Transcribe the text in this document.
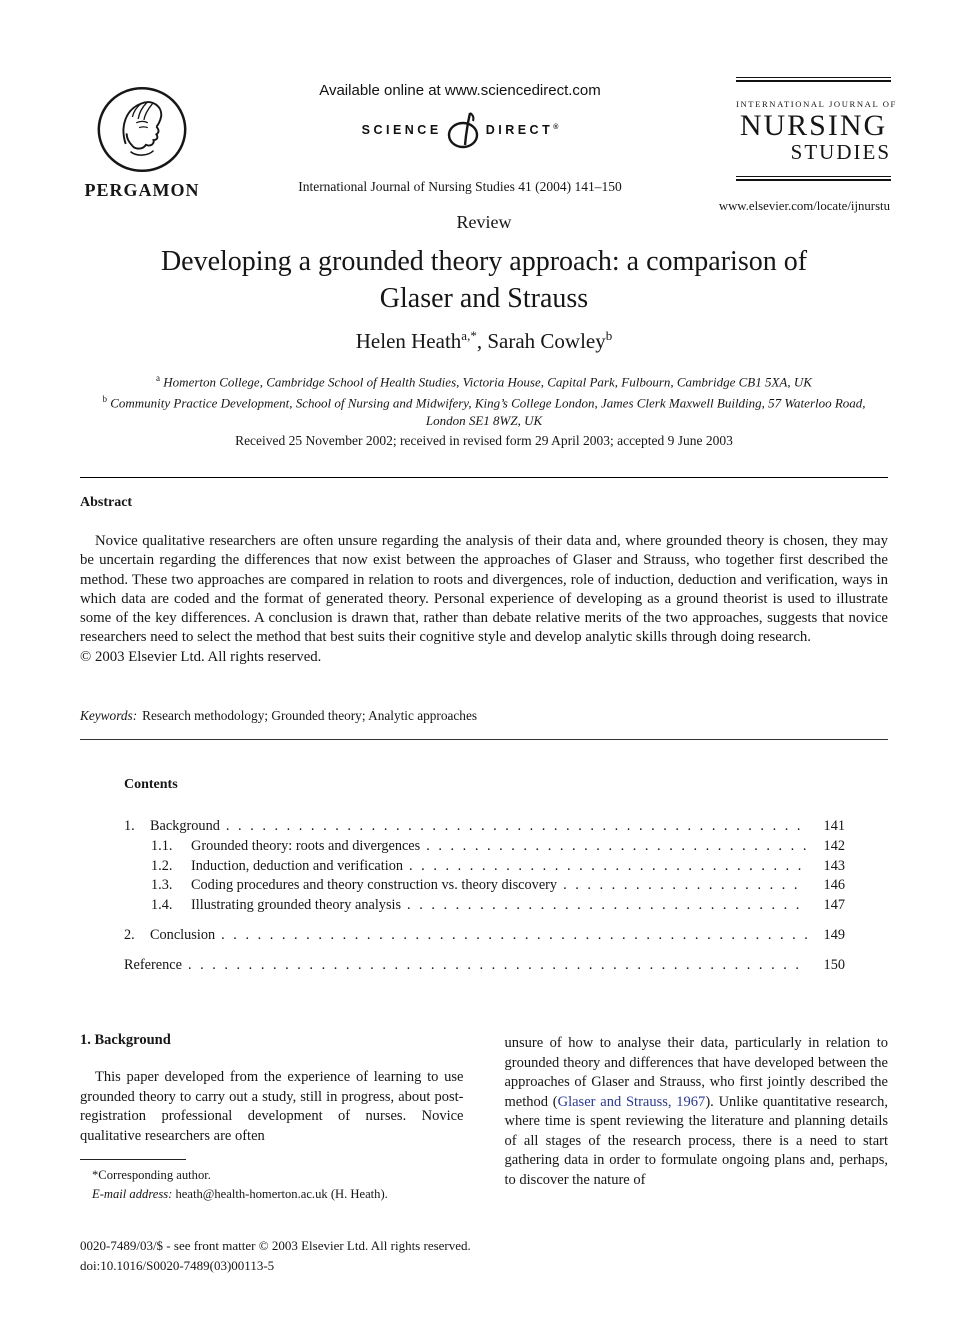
PERGAMON
Available online at www.sciencedirect.com
SCIENCE	DIRECT®
International Journal of Nursing Studies 41 (2004) 141–150
INTERNATIONAL JOURNAL OF
NURSING
STUDIES
www.elsevier.com/locate/ijnurstu
Review
Developing a grounded theory approach: a comparison of
Glaser and Strauss
Helen Heath$^{a,*}$, Sarah Cowley$^b$
$^a$ Homerton College, Cambridge School of Health Studies, Victoria House, Capital Park, Fulbourn, Cambridge CB1 5XA, UK
$^b$ Community Practice Development, School of Nursing and Midwifery, King’s College London, James Clerk Maxwell Building, 57 Waterloo Road, London SE1 8WZ, UK
Received 25 November 2002; received in revised form 29 April 2003; accepted 9 June 2003
Abstract

Novice qualitative researchers are often unsure regarding the analysis of their data and, where grounded theory is chosen, they may be uncertain regarding the differences that now exist between the approaches of Glaser and Strauss, who together first described the method. These two approaches are compared in relation to roots and divergences, role of induction, deduction and verification, ways in which data are coded and the format of generated theory. Personal experience of developing as a ground theorist is used to illustrate some of the key differences. A conclusion is drawn that, rather than debate relative merits of the two approaches, suggests that novice researchers need to select the method that best suits their cognitive style and develop analytic skills through doing research.

© 2003 Elsevier Ltd. All rights reserved.
Keywords: Research methodology; Grounded theory; Analytic approaches
Contents
1.	Background . . .	141
1.1.	Grounded theory: roots and divergences . . .	142
1.2.	Induction, deduction and verification . . .	143
1.3.	Coding procedures and theory construction vs. theory discovery . . .	146
1.4.	Illustrating grounded theory analysis . . .	147
2.	Conclusion . . .	149
Reference . . .	150
1. Background

This paper developed from the experience of learning to use grounded theory to carry out a study, still in progress, about post-registration professional development of nurses. Novice qualitative researchers are often

*Corresponding author.
E-mail address: heath@health-homerton.ac.uk (H. Heath).

unsure of how to analyse their data, particularly in relation to grounded theory and differences that have developed between the approaches of Glaser and Strauss, who first jointly described the method (Glaser and Strauss, 1967). Unlike quantitative research, where time is spent reviewing the literature and planning details of all stages of the research process, there is a need to start gathering data in order to formulate ongoing plans and, perhaps, to discover the nature of

0020-7489/03/$ - see front matter © 2003 Elsevier Ltd. All rights reserved.
doi:10.1016/S0020-7489(03)00113-5
